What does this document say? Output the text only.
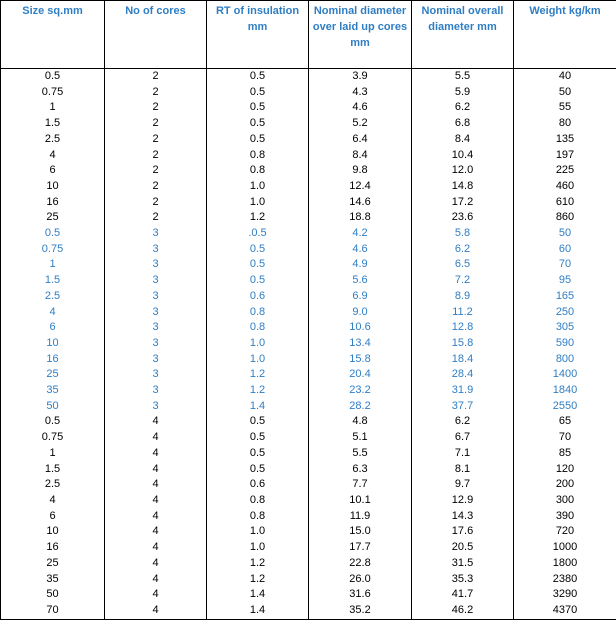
Size sq.mm	No of cores	RT of insulation mm	Nominal diameter over laid up cores mm	Nominal overall diameter mm	Weight kg/km
0.5	2	0.5	3.9	5.5	40
0.75	2	0.5	4.3	5.9	50
1	2	0.5	4.6	6.2	55
1.5	2	0.5	5.2	6.8	80
2.5	2	0.5	6.4	8.4	135
4	2	0.8	8.4	10.4	197
6	2	0.8	9.8	12.0	225
10	2	1.0	12.4	14.8	460
16	2	1.0	14.6	17.2	610
25	2	1.2	18.8	23.6	860
0.5	3	.0.5	4.2	5.8	50
0.75	3	0.5	4.6	6.2	60
1	3	0.5	4.9	6.5	70
1.5	3	0.5	5.6	7.2	95
2.5	3	0.6	6.9	8.9	165
4	3	0.8	9.0	11.2	250
6	3	0.8	10.6	12.8	305
10	3	1.0	13.4	15.8	590
16	3	1.0	15.8	18.4	800
25	3	1.2	20.4	28.4	1400
35	3	1.2	23.2	31.9	1840
50	3	1.4	28.2	37.7	2550
0.5	4	0.5	4.8	6.2	65
0.75	4	0.5	5.1	6.7	70
1	4	0.5	5.5	7.1	85
1.5	4	0.5	6.3	8.1	120
2.5	4	0.6	7.7	9.7	200
4	4	0.8	10.1	12.9	300
6	4	0.8	11.9	14.3	390
10	4	1.0	15.0	17.6	720
16	4	1.0	17.7	20.5	1000
25	4	1.2	22.8	31.5	1800
35	4	1.2	26.0	35.3	2380
50	4	1.4	31.6	41.7	3290
70	4	1.4	35.2	46.2	4370
